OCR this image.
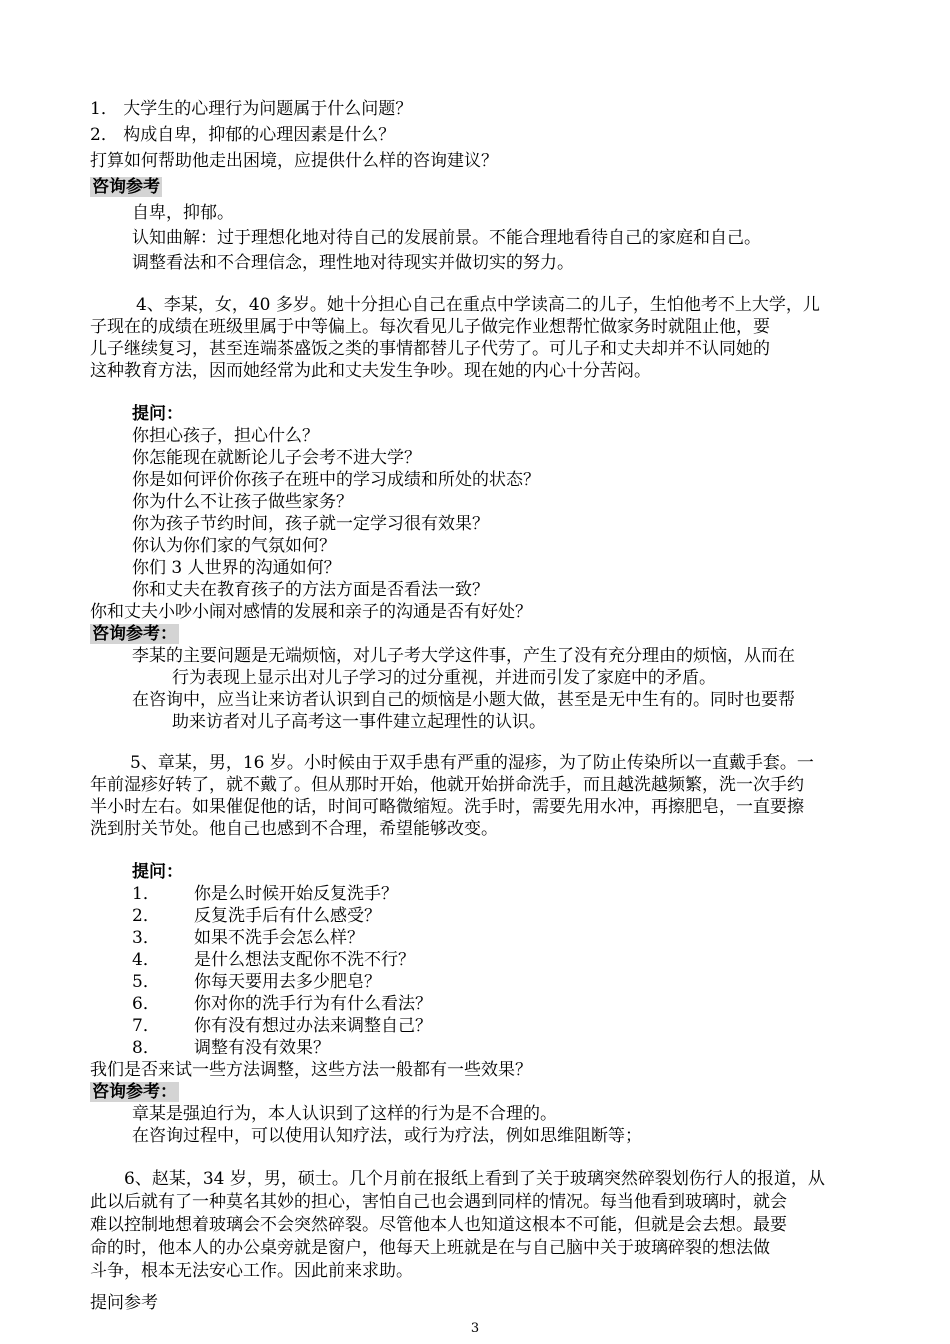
1． 大学生的心理行为问题属于什么问题？
2． 构成自卑，抑郁的心理因素是什么？
打算如何帮助他走出困境，应提供什么样的咨询建议？
咨询参考
自卑，抑郁。
认知曲解：过于理想化地对待自己的发展前景。不能合理地看待自己的家庭和自己。
调整看法和不合理信念，理性地对待现实并做切实的努力。
4、李某，女，40 多岁。她十分担心自己在重点中学读高二的儿子，生怕他考不上大学，儿
子现在的成绩在班级里属于中等偏上。每次看见儿子做完作业想帮忙做家务时就阻止他，要
儿子继续复习，甚至连端茶盛饭之类的事情都替儿子代劳了。可儿子和丈夫却并不认同她的
这种教育方法，因而她经常为此和丈夫发生争吵。现在她的内心十分苦闷。
提问：
你担心孩子，担心什么？
你怎能现在就断论儿子会考不进大学？
你是如何评价你孩子在班中的学习成绩和所处的状态？
你为什么不让孩子做些家务？
你为孩子节约时间，孩子就一定学习很有效果？
你认为你们家的气氛如何？
你们 3 人世界的沟通如何？
你和丈夫在教育孩子的方法方面是否看法一致？
你和丈夫小吵小闹对感情的发展和亲子的沟通是否有好处？
咨询参考：
李某的主要问题是无端烦恼，对儿子考大学这件事，产生了没有充分理由的烦恼，从而在
行为表现上显示出对儿子学习的过分重视，并进而引发了家庭中的矛盾。
在咨询中，应当让来访者认识到自己的烦恼是小题大做，甚至是无中生有的。同时也要帮
助来访者对儿子高考这一事件建立起理性的认识。
5、章某，男，16 岁。小时候由于双手患有严重的湿疹，为了防止传染所以一直戴手套。一
年前湿疹好转了，就不戴了。但从那时开始，他就开始拼命洗手，而且越洗越频繁，洗一次手约
半小时左右。如果催促他的话，时间可略微缩短。洗手时，需要先用水冲，再擦肥皂，一直要擦
洗到肘关节处。他自己也感到不合理，希望能够改变。
提问：
1． 你是么时候开始反复洗手？
2． 反复洗手后有什么感受？
3． 如果不洗手会怎么样？
4． 是什么想法支配你不洗不行？
5． 你每天要用去多少肥皂？
6． 你对你的洗手行为有什么看法？
7． 你有没有想过办法来调整自己？
8． 调整有没有效果？
我们是否来试一些方法调整，这些方法一般都有一些效果？
咨询参考：
章某是强迫行为，本人认识到了这样的行为是不合理的。
在咨询过程中，可以使用认知疗法，或行为疗法，例如思维阻断等；
6、赵某，34 岁，男，硕士。几个月前在报纸上看到了关于玻璃突然碎裂划伤行人的报道，从
此以后就有了一种莫名其妙的担心，害怕自己也会遇到同样的情况。每当他看到玻璃时，就会
难以控制地想着玻璃会不会突然碎裂。尽管他本人也知道这根本不可能，但就是会去想。最要
命的时，他本人的办公桌旁就是窗户，他每天上班就是在与自己脑中关于玻璃碎裂的想法做
斗争，根本无法安心工作。因此前来求助。
提问参考
3
